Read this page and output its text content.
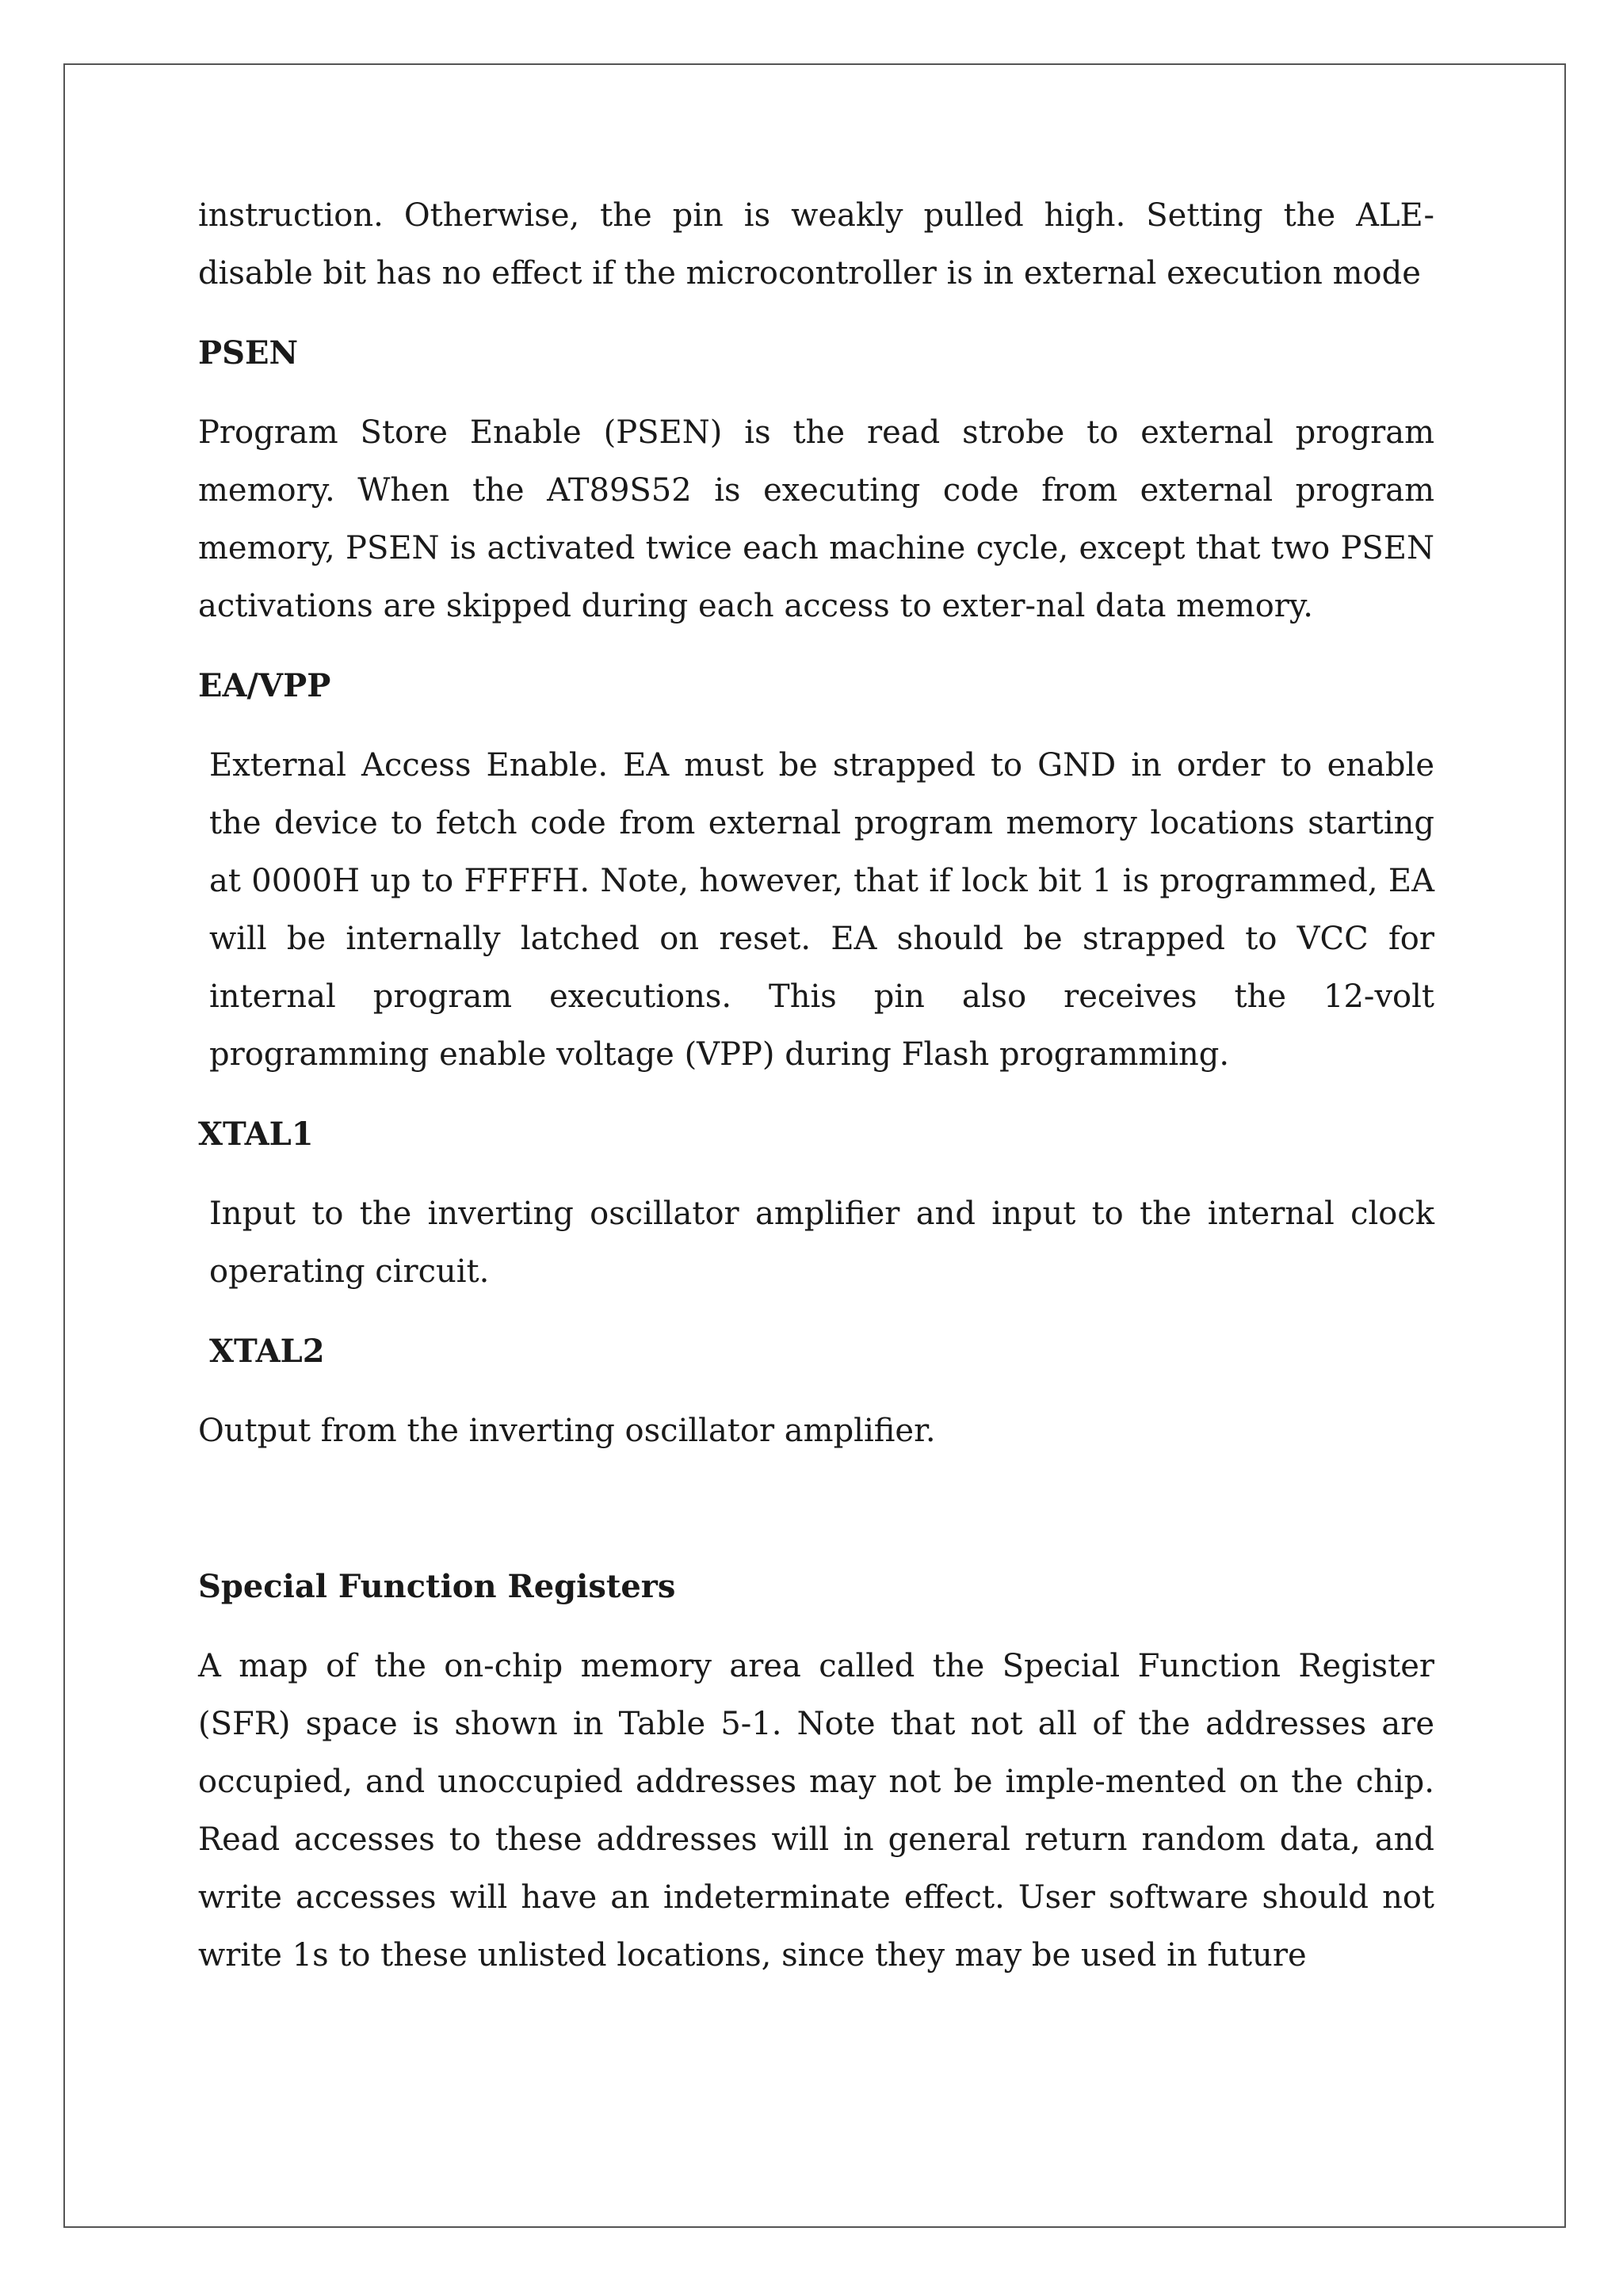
instruction. Otherwise, the pin is weakly pulled high. Setting the ALE-disable bit has no effect if the microcontroller is in external execution mode

PSEN

Program Store Enable (PSEN) is the read strobe to external program memory. When the AT89S52 is executing code from external program memory, PSEN is activated twice each machine cycle, except that two PSEN activations are skipped during each access to exter-nal data memory.

EA/VPP

External Access Enable. EA must be strapped to GND in order to enable the device to fetch code from external program memory locations starting at 0000H up to FFFFH. Note, however, that if lock bit 1 is programmed, EA will be internally latched on reset. EA should be strapped to VCC for internal program executions. This pin also receives the 12-volt programming enable voltage (VPP) during Flash programming.

XTAL1

Input to the inverting oscillator amplifier and input to the internal clock operating circuit.

XTAL2

Output from the inverting oscillator amplifier.

Special Function Registers

A map of the on-chip memory area called the Special Function Register (SFR) space is shown in Table 5-1. Note that not all of the addresses are occupied, and unoccupied addresses may not be imple-mented on the chip. Read accesses to these addresses will in general return random data, and write accesses will have an indeterminate effect. User software should not write 1s to these unlisted locations, since they may be used in future
